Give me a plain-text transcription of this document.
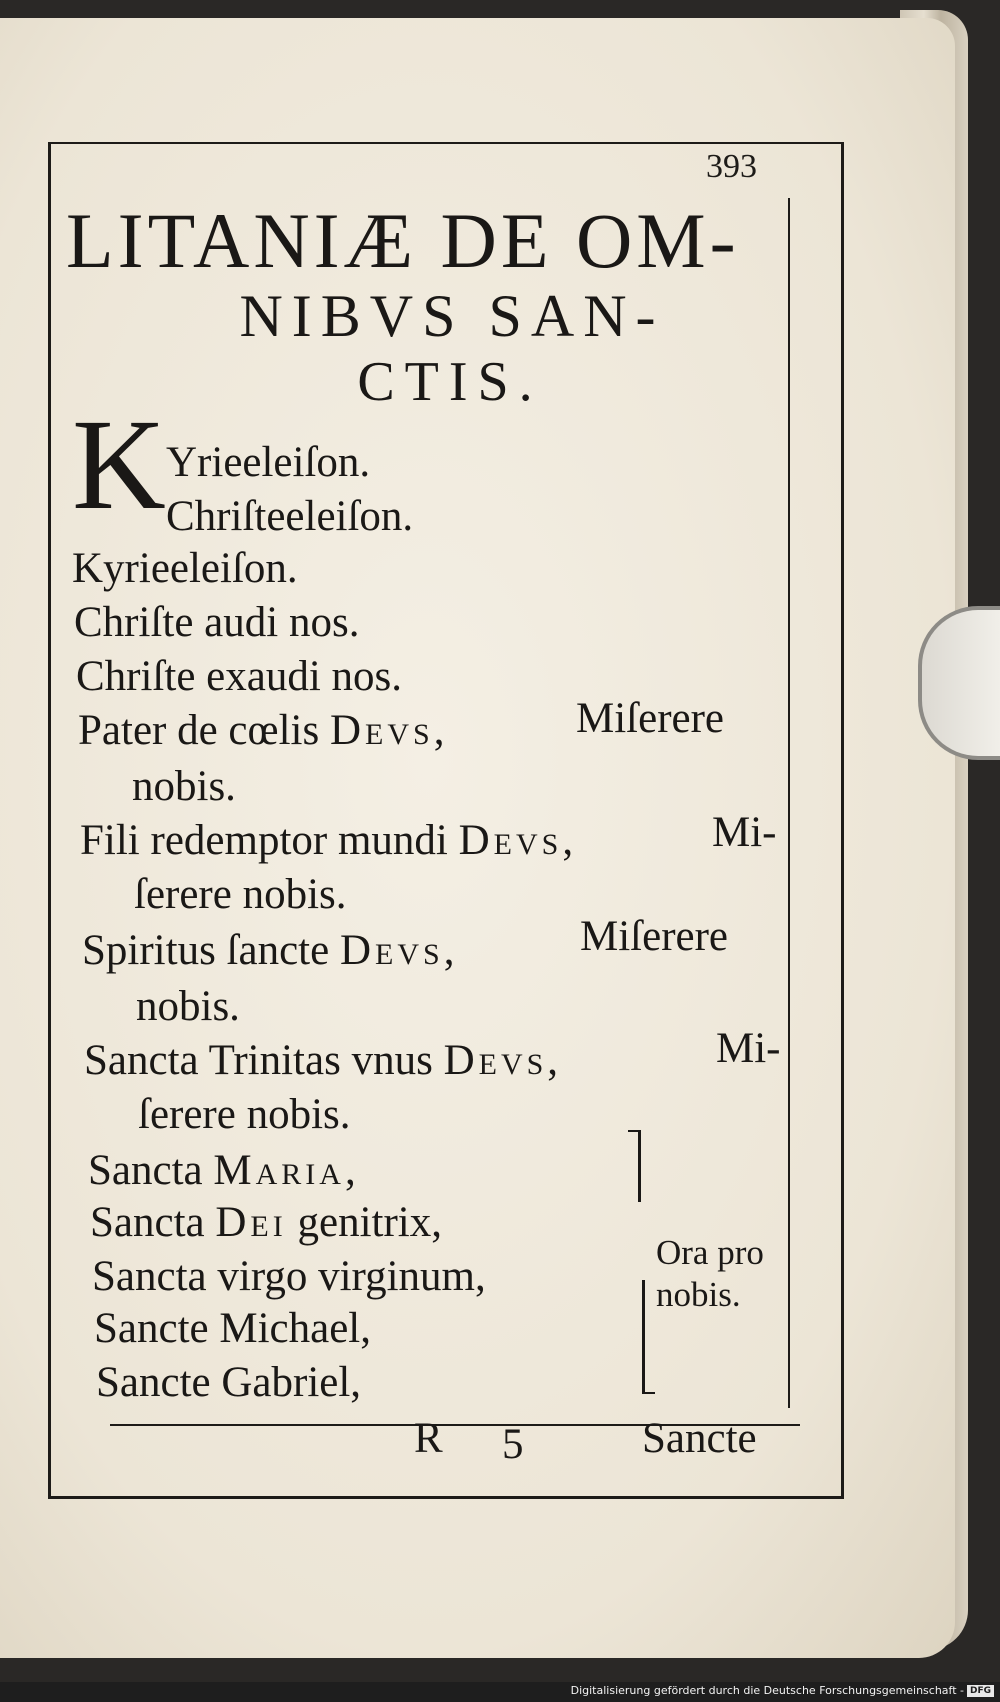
393
LITANIÆ DE OM-
NIBVS SAN-
CTIS.
K Yrieeleiſon.
Chriſteeleiſon.
Kyrieeleiſon.
Chriſte audi nos.
Chriſte exaudi nos.
Pater de cœlis Devs,	Miſerere
nobis.
Fili redemptor mundi Devs,	Mi-
ſerere nobis.
Spiritus ſancte Devs,	Miſerere
nobis.
Sancta Trinitas vnus Devs,	Mi-
ſerere nobis.
Sancta Maria,
Sancta Dei genitrix,
Sancta virgo virginum,
Sancte Michael,
Sancte Gabriel,
Ora pro
nobis.
R 5	Sancte
Digitalisierung gefördert durch die Deutsche Forschungsgemeinschaft - DFG
